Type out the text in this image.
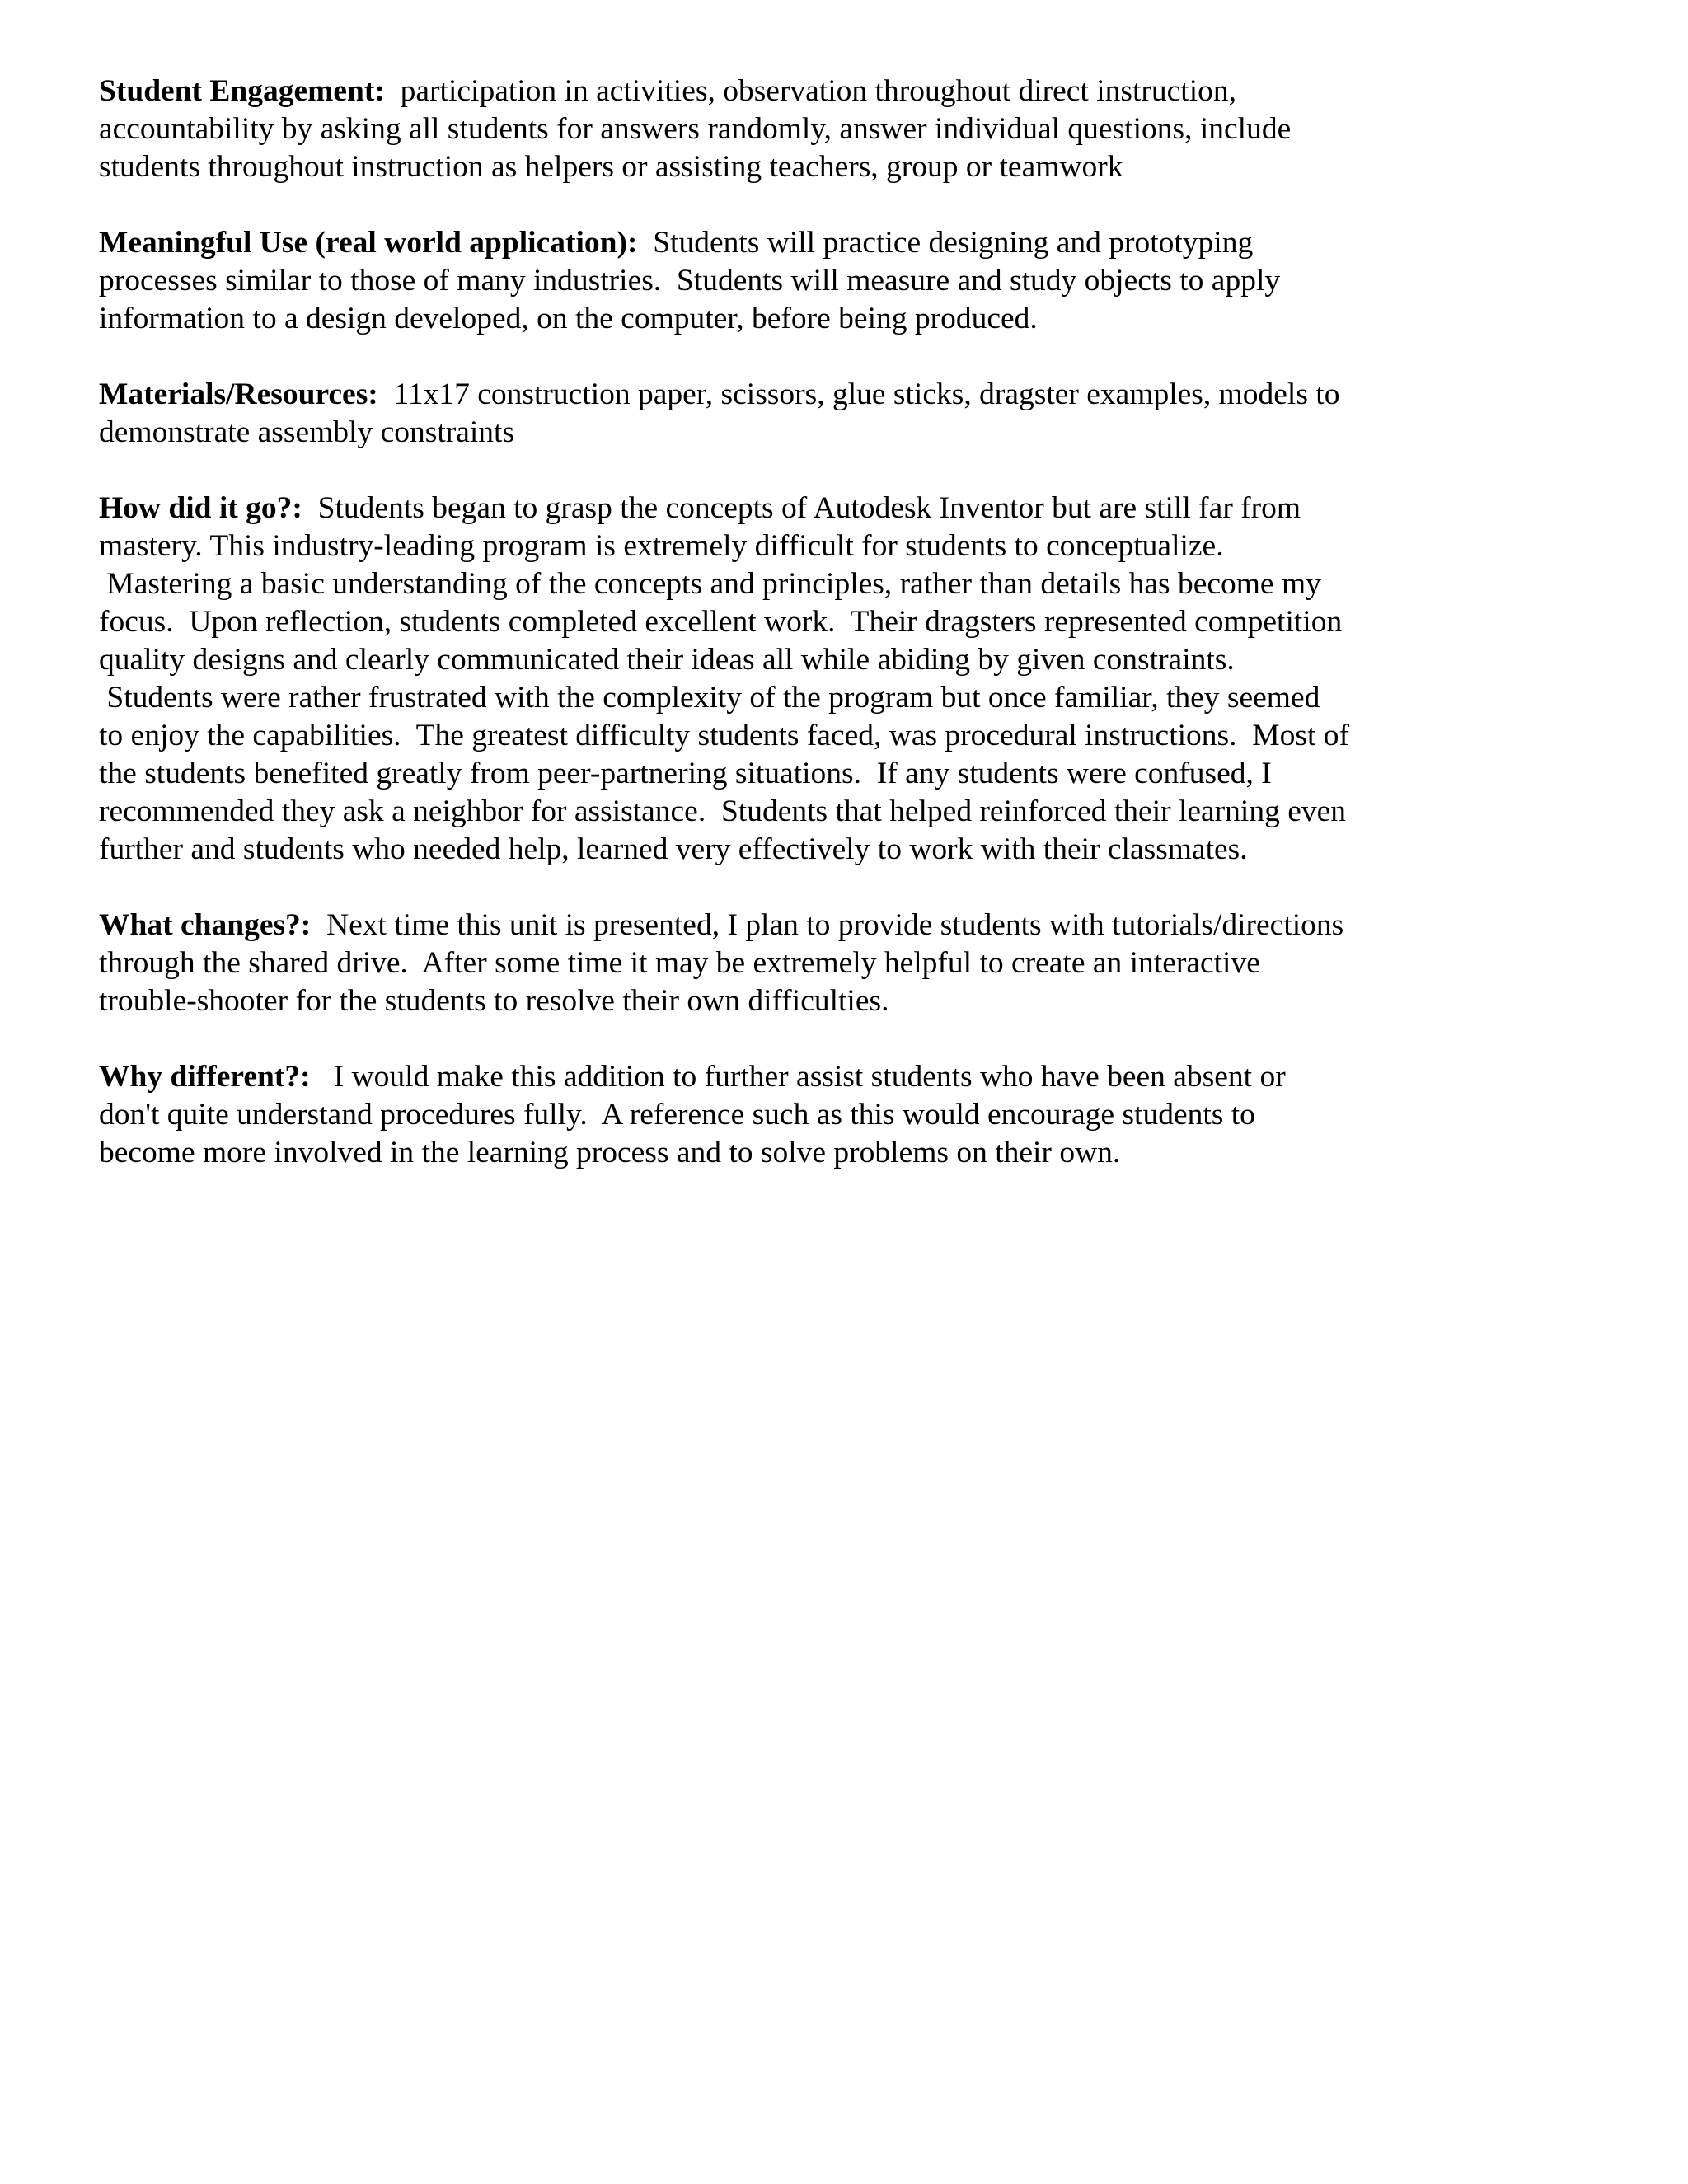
Student Engagement:  participation in activities, observation throughout direct instruction,
accountability by asking all students for answers randomly, answer individual questions, include
students throughout instruction as helpers or assisting teachers, group or teamwork
Meaningful Use (real world application):  Students will practice designing and prototyping
processes similar to those of many industries.  Students will measure and study objects to apply
information to a design developed, on the computer, before being produced.
Materials/Resources:  11x17 construction paper, scissors, glue sticks, dragster examples, models to
demonstrate assembly constraints
How did it go?:  Students began to grasp the concepts of Autodesk Inventor but are still far from
mastery. This industry-leading program is extremely difficult for students to conceptualize.
Mastering a basic understanding of the concepts and principles, rather than details has become my
focus.  Upon reflection, students completed excellent work.  Their dragsters represented competition
quality designs and clearly communicated their ideas all while abiding by given constraints.
Students were rather frustrated with the complexity of the program but once familiar, they seemed
to enjoy the capabilities.  The greatest difficulty students faced, was procedural instructions.  Most of
the students benefited greatly from peer-partnering situations.  If any students were confused, I
recommended they ask a neighbor for assistance.  Students that helped reinforced their learning even
further and students who needed help, learned very effectively to work with their classmates.
What changes?:  Next time this unit is presented, I plan to provide students with tutorials/directions
through the shared drive.  After some time it may be extremely helpful to create an interactive
trouble-shooter for the students to resolve their own difficulties.
Why different?:   I would make this addition to further assist students who have been absent or
don't quite understand procedures fully.  A reference such as this would encourage students to
become more involved in the learning process and to solve problems on their own.
